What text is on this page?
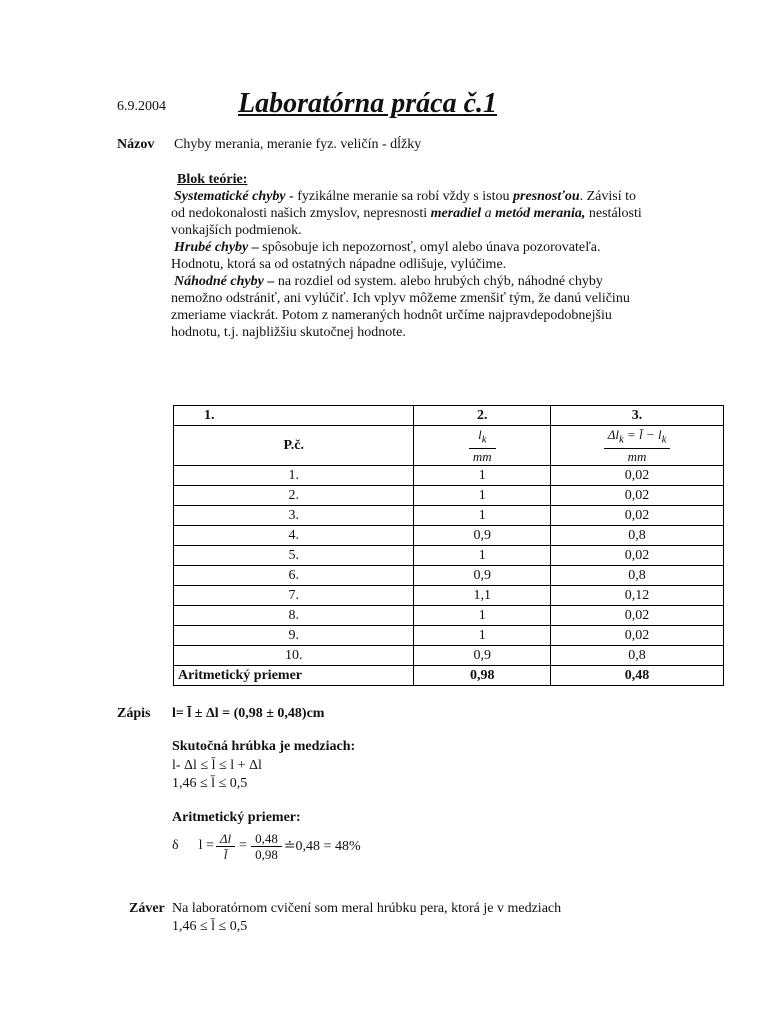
6.9.2004	Laboratórna práca č.1
Názov Chyby merania, meranie fyz. veličín - dĺžky

Blok teórie:

Systematické chyby - fyzikálne meranie sa robí vždy s istou presnosťou. Závisí to

od nedokonalosti našich zmyslov, nepresnosti meradiel a metód merania, nestálosti

vonkajších podmienok.

Hrubé chyby – spôsobuje ich nepozornosť, omyl alebo únava pozorovateľa.

Hodnotu, ktorá sa od ostatných nápadne odlišuje, vylúčime.

Náhodné chyby – na rozdiel od system. alebo hrubých chýb, náhodné chyby

nemožno odstrániť, ani vylúčiť. Ich vplyv môžeme zmenšiť tým, že danú veličinu

zmeriame viackrát. Potom z nameraných hodnôt určíme najpravdepodobnejšiu

hodnotu, t.j. najbližšiu skutočnej hodnote.

1.	2.	3.
P.č.	$\frac{l_k}{mm}$	$\frac{\Delta l_k = l̄ - l_k}{mm}$

1.	1	0,02
2.	1	0,02
3.	1	0,02
4.	0,9	0,8
5.	1	0,02
6.	0,9	0,8
7.	1,1	0,12
8.	1	0,02
9.	1	0,02
10.	0,9	0,8
Aritmetický priemer	0,98	0,48
Zápis l= l̄ ± Δl = (0,98 ± 0,48)cm
Skutočná hrúbka je medziach:
l- Δl ≤ l̄ ≤ l + Δl
1,46 ≤ l̄ ≤ 0,5
Aritmetický priemer:
δ $l = \frac{\Delta l}{l̄} = \frac{0,48}{0,98}$ ≐0,48 = 48%
Záver Na laboratórnom cvičení som meral hrúbku pera, ktorá je v medziach
1,46 ≤ l̄ ≤ 0,5
